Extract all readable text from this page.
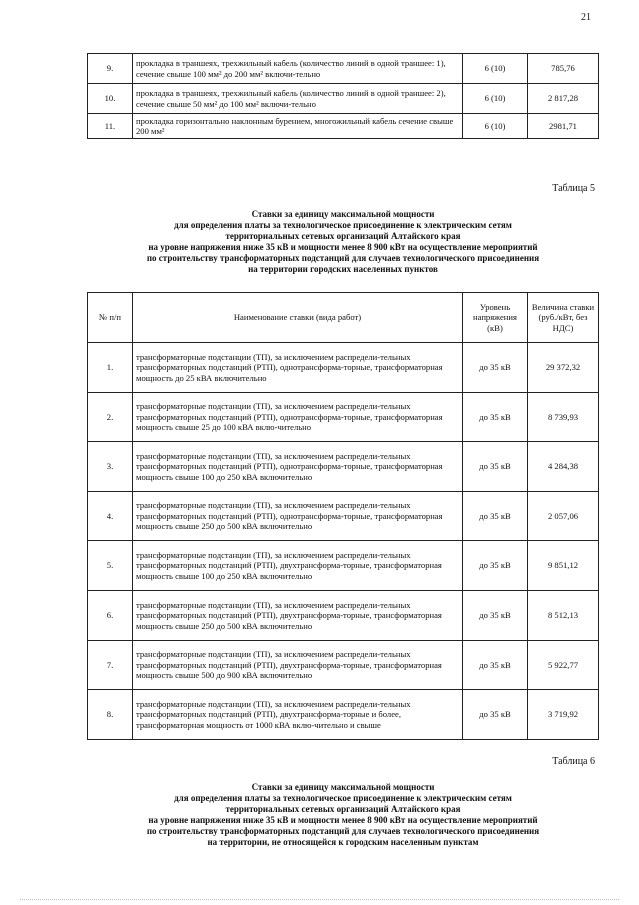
21
9.	прокладка в траншеях, трехжильный кабель (количество линий в одной траншее: 1), сечение свыше 100 мм² до 200 мм² включи-тельно	6 (10)	785,76
10.	прокладка в траншеях, трехжильный кабель (количество линий в одной траншее: 2), сечение свыше 50 мм² до 100 мм² включи-тельно	6 (10)	2 817,28
11.	прокладка горизонтально наклонным бурением, многожильный кабель сечение свыше 200 мм²	6 (10)	2981,71
Таблица 5
Ставки за единицу максимальной мощности
для определения платы за технологическое присоединение к электрическим сетям
территориальных сетевых организаций Алтайского края
на уровне напряжения ниже 35 кВ и мощности менее 8 900 кВт на осуществление мероприятий
по строительству трансформаторных подстанций для случаев технологического присоединения
на территории городских населенных пунктов
№ п/п	Наименование ставки (вида работ)	Уровень напряжения (кВ)	Величина ставки (руб./кВт, без НДС)
1.	трансформаторные подстанции (ТП), за исключением распредели-тельных трансформаторных подстанций (РТП), однотрансформа-торные, трансформаторная мощность до 25 кВА включительно	до 35 кВ	29 372,32
2.	трансформаторные подстанции (ТП), за исключением распредели-тельных трансформаторных подстанций (РТП), однотрансформа-торные, трансформаторная мощность свыше 25 до 100 кВА вклю-чительно	до 35 кВ	8 739,93
3.	трансформаторные подстанции (ТП), за исключением распредели-тельных трансформаторных подстанций (РТП), однотрансформа-торные, трансформаторная мощность свыше 100 до 250 кВА включительно	до 35 кВ	4 284,38
4.	трансформаторные подстанции (ТП), за исключением распредели-тельных трансформаторных подстанций (РТП), однотрансформа-торные, трансформаторная мощность свыше 250 до 500 кВА включительно	до 35 кВ	2 057,06
5.	трансформаторные подстанции (ТП), за исключением распредели-тельных трансформаторных подстанций (РТП), двухтрансформа-торные, трансформаторная мощность свыше 100 до 250 кВА включительно	до 35 кВ	9 851,12
6.	трансформаторные подстанции (ТП), за исключением распредели-тельных трансформаторных подстанций (РТП), двухтрансформа-торные, трансформаторная мощность свыше 250 до 500 кВА включительно	до 35 кВ	8 512,13
7.	трансформаторные подстанции (ТП), за исключением распредели-тельных трансформаторных подстанций (РТП), двухтрансформа-торные, трансформаторная мощность свыше 500 до 900 кВА включительно	до 35 кВ	5 922,77
8.	трансформаторные подстанции (ТП), за исключением распредели-тельных трансформаторных подстанций (РТП), двухтрансформа-торные и более, трансформаторная мощность от 1000 кВА вклю-чительно и свыше	до 35 кВ	3 719,92
Таблица 6
Ставки за единицу максимальной мощности
для определения платы за технологическое присоединение к электрическим сетям
территориальных сетевых организаций Алтайского края
на уровне напряжения ниже 35 кВ и мощности менее 8 900 кВт на осуществление мероприятий
по строительству трансформаторных подстанций для случаев технологического присоединения
на территории, не относящейся к городским населенным пунктам
